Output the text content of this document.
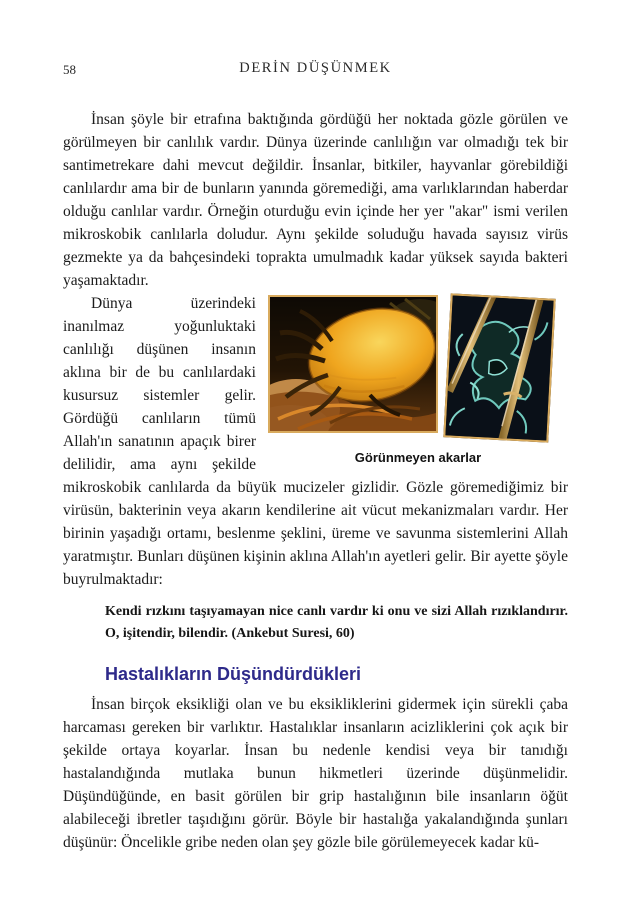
58	DERİN DÜŞÜNMEK

İnsan şöyle bir etrafına baktığında gördüğü her noktada gözle görülen ve görülmeyen bir canlılık vardır. Dünya üzerinde canlılığın var olmadığı tek bir santimetrekare dahi mevcut değildir. İnsanlar, bitkiler, hayvanlar görebildiği canlılardır ama bir de bunların yanında göremediği, ama varlıklarından haberdar olduğu canlılar vardır. Örneğin oturduğu evin içinde her yer "akar" ismi verilen mikroskobik canlılarla doludur. Aynı şekilde soluduğu havada sayısız virüs gezmekte ya da bahçesindeki toprakta umulmadık kadar yüksek sayıda bakteri yaşamaktadır.

Görünmeyen akarlar
Dünya üzerindeki inanılmaz yoğunluktaki canlılığı düşünen insanın aklına bir de bu canlılardaki kusursuz sistemler gelir. Gördüğü canlıların tümü Allah'ın sanatının apaçık birer delilidir, ama aynı şekilde mikroskobik canlılarda da büyük mucizeler gizlidir. Gözle göremediğimiz bir virüsün, bakterinin veya akarın kendilerine ait vücut mekanizmaları vardır. Her birinin yaşadığı ortamı, beslenme şeklini, üreme ve savunma sistemlerini Allah yaratmıştır. Bunları düşünen kişinin aklına Allah'ın ayetleri gelir. Bir ayette şöyle buyrulmaktadır:

Kendi rızkını taşıyamayan nice canlı vardır ki onu ve sizi Allah rızıklandırır. O, işitendir, bilendir. (Ankebut Suresi, 60)

Hastalıkların Düşündürdükleri

İnsan birçok eksikliği olan ve bu eksikliklerini gidermek için sürekli çaba harcaması gereken bir varlıktır. Hastalıklar insanların acizliklerini çok açık bir şekilde ortaya koyarlar. İnsan bu nedenle kendisi veya bir tanıdığı hastalandığında mutlaka bunun hikmetleri üzerinde düşünmelidir. Düşündüğünde, en basit görülen bir grip hastalığının bile insanların öğüt alabileceği ibretler taşıdığını görür. Böyle bir hastalığa yakalandığında şunları düşünür: Öncelikle gribe neden olan şey gözle bile görülemeyecek kadar kü-
